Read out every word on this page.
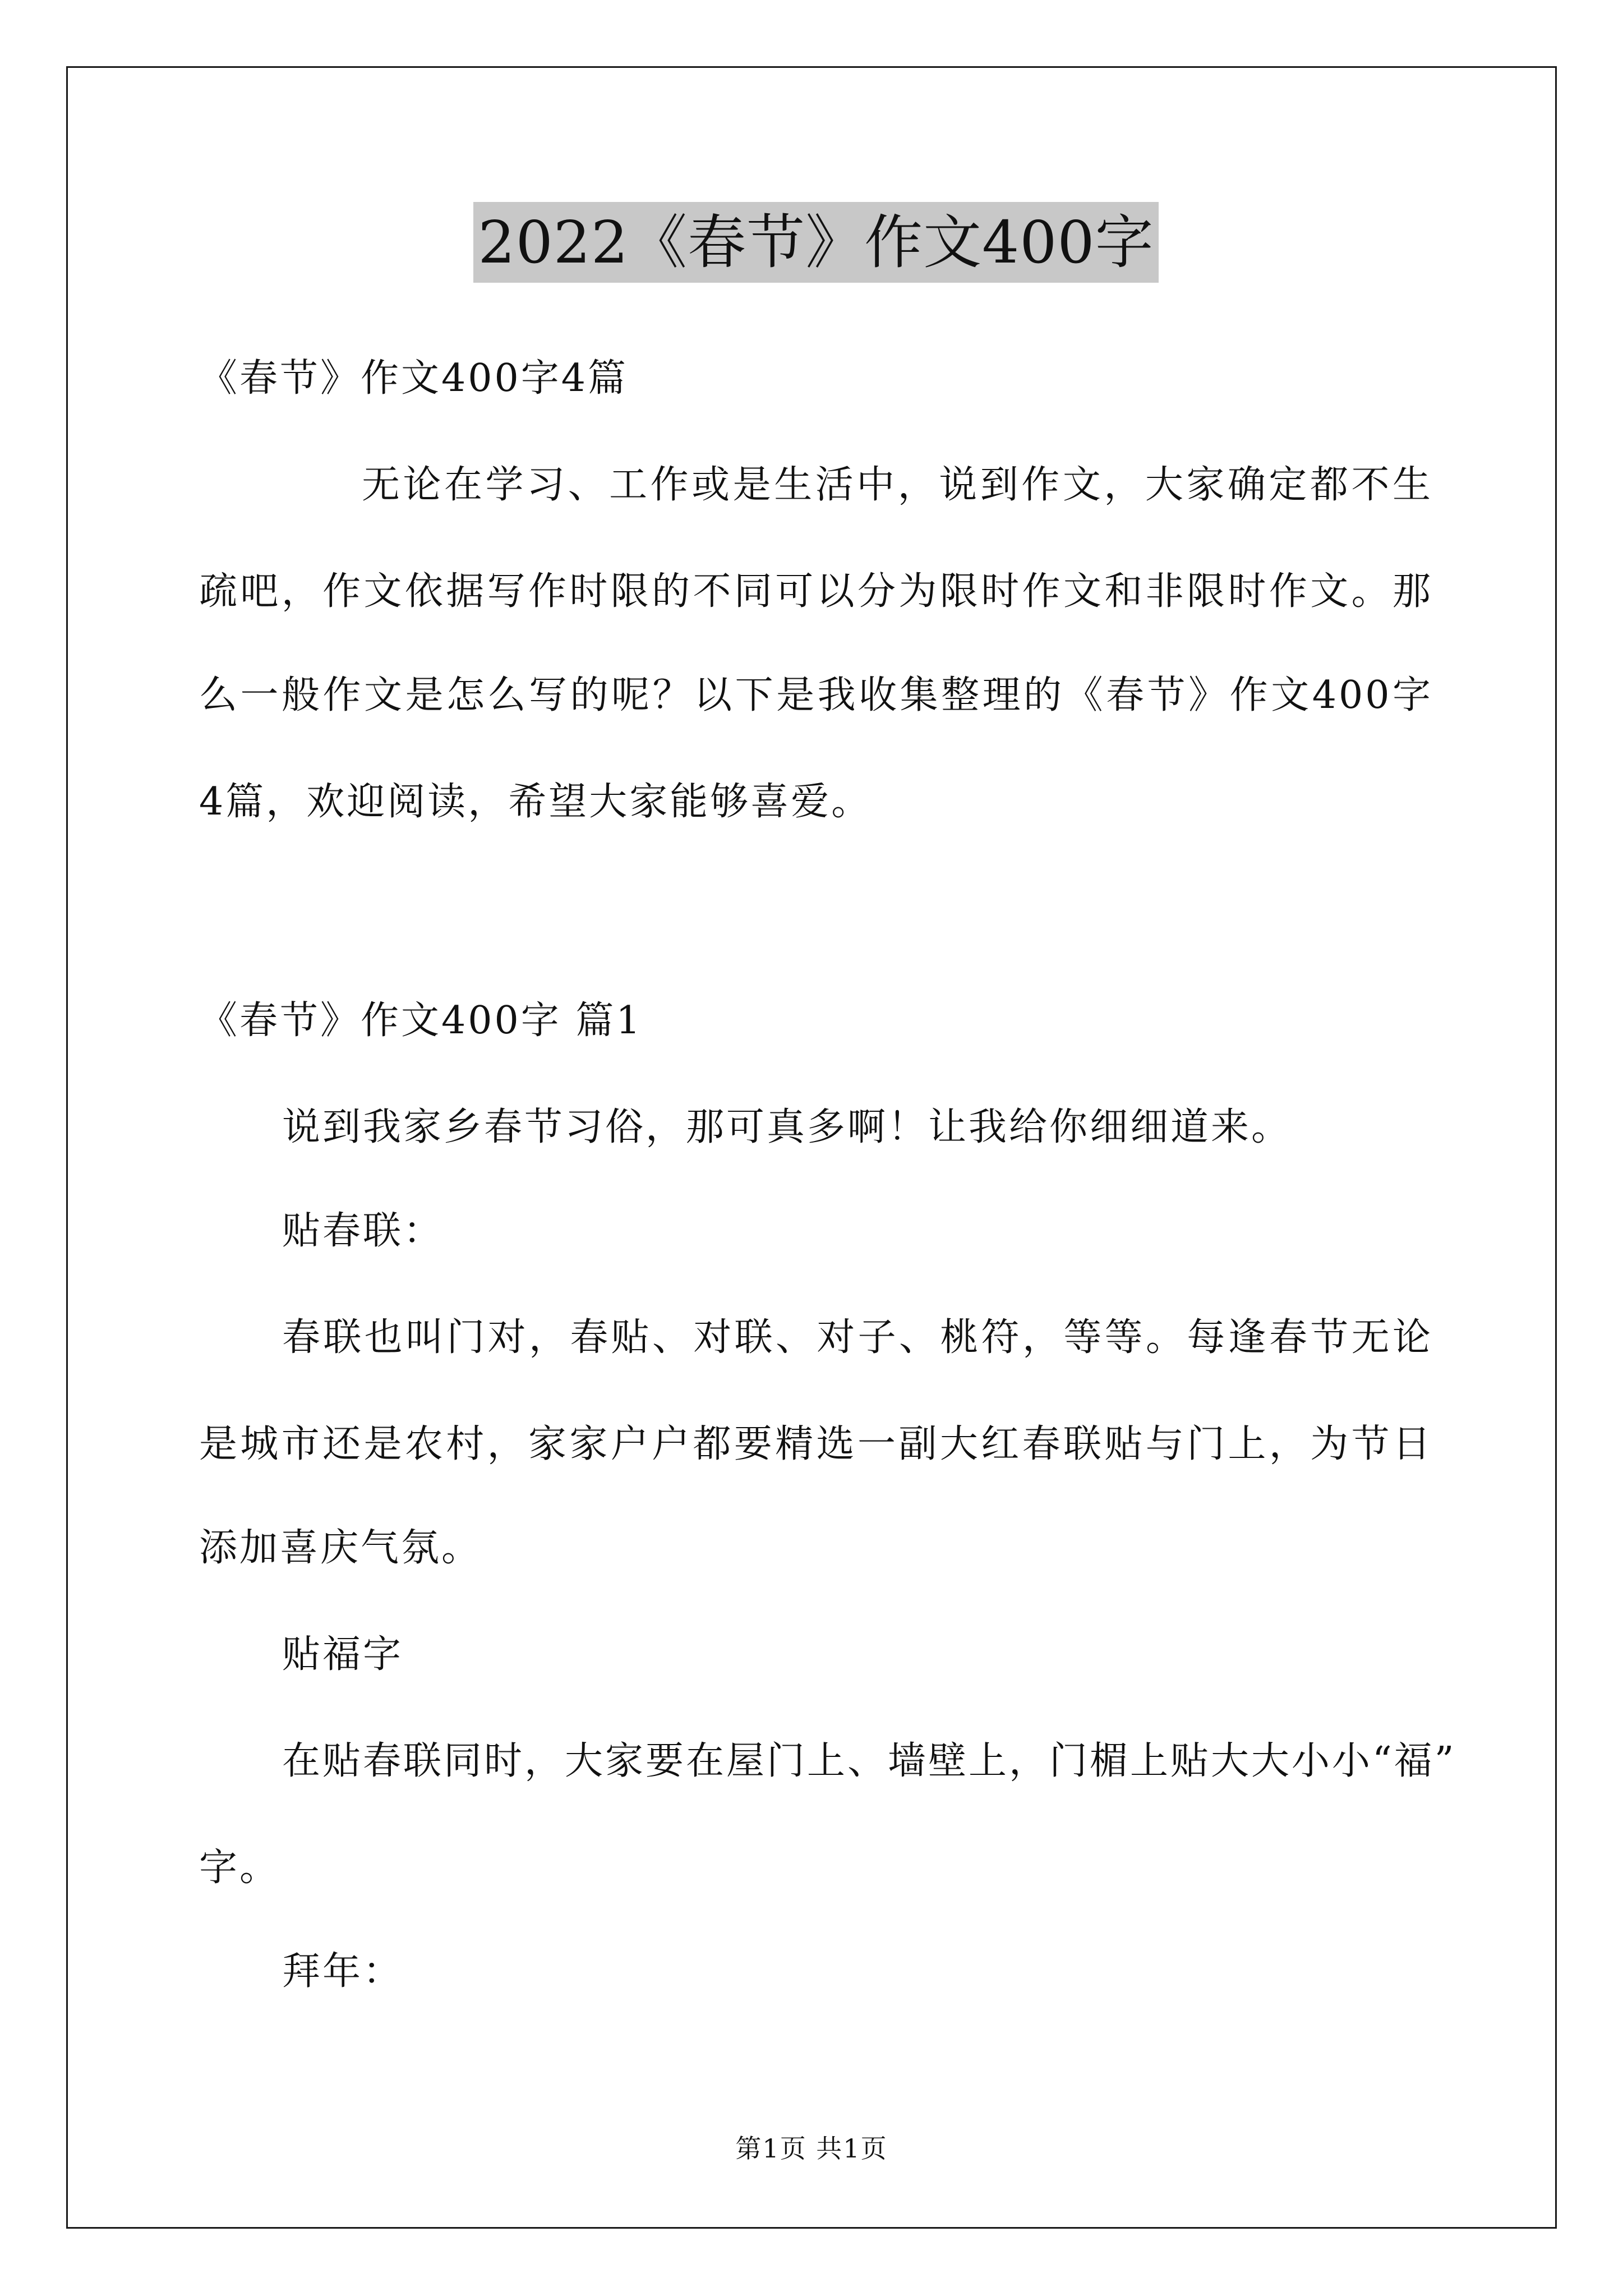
2022《春节》作文400字
《春节》作文400字4篇
无论在学习、工作或是生活中，说到作文，大家确定都不生
疏吧，作文依据写作时限的不同可以分为限时作文和非限时作文。那
么一般作文是怎么写的呢？以下是我收集整理的《春节》作文400字
4篇，欢迎阅读，希望大家能够喜爱。
《春节》作文400字 篇1
说到我家乡春节习俗，那可真多啊！让我给你细细道来。
贴春联：
春联也叫门对，春贴、对联、对子、桃符，等等。每逢春节无论
是城市还是农村，家家户户都要精选一副大红春联贴与门上，为节日
添加喜庆气氛。
贴福字
在贴春联同时，大家要在屋门上、墙壁上，门楣上贴大大小小“福”
字。
拜年：
第1页 共1页
